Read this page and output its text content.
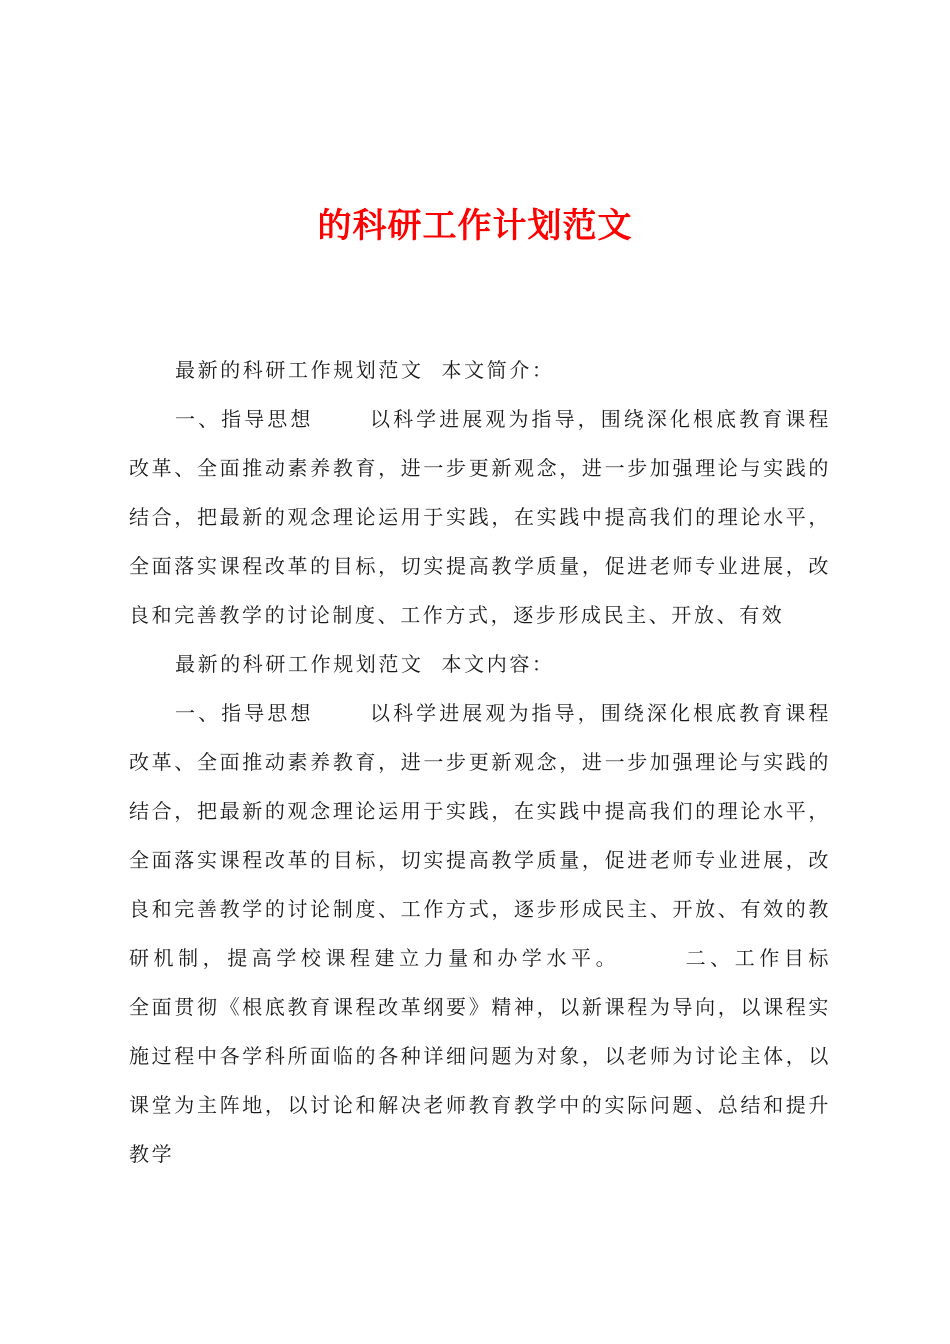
的科研工作计划范文

最新的科研工作规划范文  本文简介：

一、指导思想      以科学进展观为指导，围绕深化根底教育课程改革、全面推动素养教育，进一步更新观念，进一步加强理论与实践的结合，把最新的观念理论运用于实践，在实践中提高我们的理论水平，全面落实课程改革的目标，切实提高教学质量，促进老师专业进展，改良和完善教学的讨论制度、工作方式，逐步形成民主、开放、有效

最新的科研工作规划范文  本文内容：

一、指导思想      以科学进展观为指导，围绕深化根底教育课程改革、全面推动素养教育，进一步更新观念，进一步加强理论与实践的结合，把最新的观念理论运用于实践，在实践中提高我们的理论水平，全面落实课程改革的目标，切实提高教学质量，促进老师专业进展，改良和完善教学的讨论制度、工作方式，逐步形成民主、开放、有效的教研机制，提高学校课程建立力量和办学水平。      二、工作目标      全面贯彻《根底教育课程改革纲要》精神，以新课程为导向，以课程实施过程中各学科所面临的各种详细问题为对象，以老师为讨论主体，以课堂为主阵地，以讨论和解决老师教育教学中的实际问题、总结和提升教学
